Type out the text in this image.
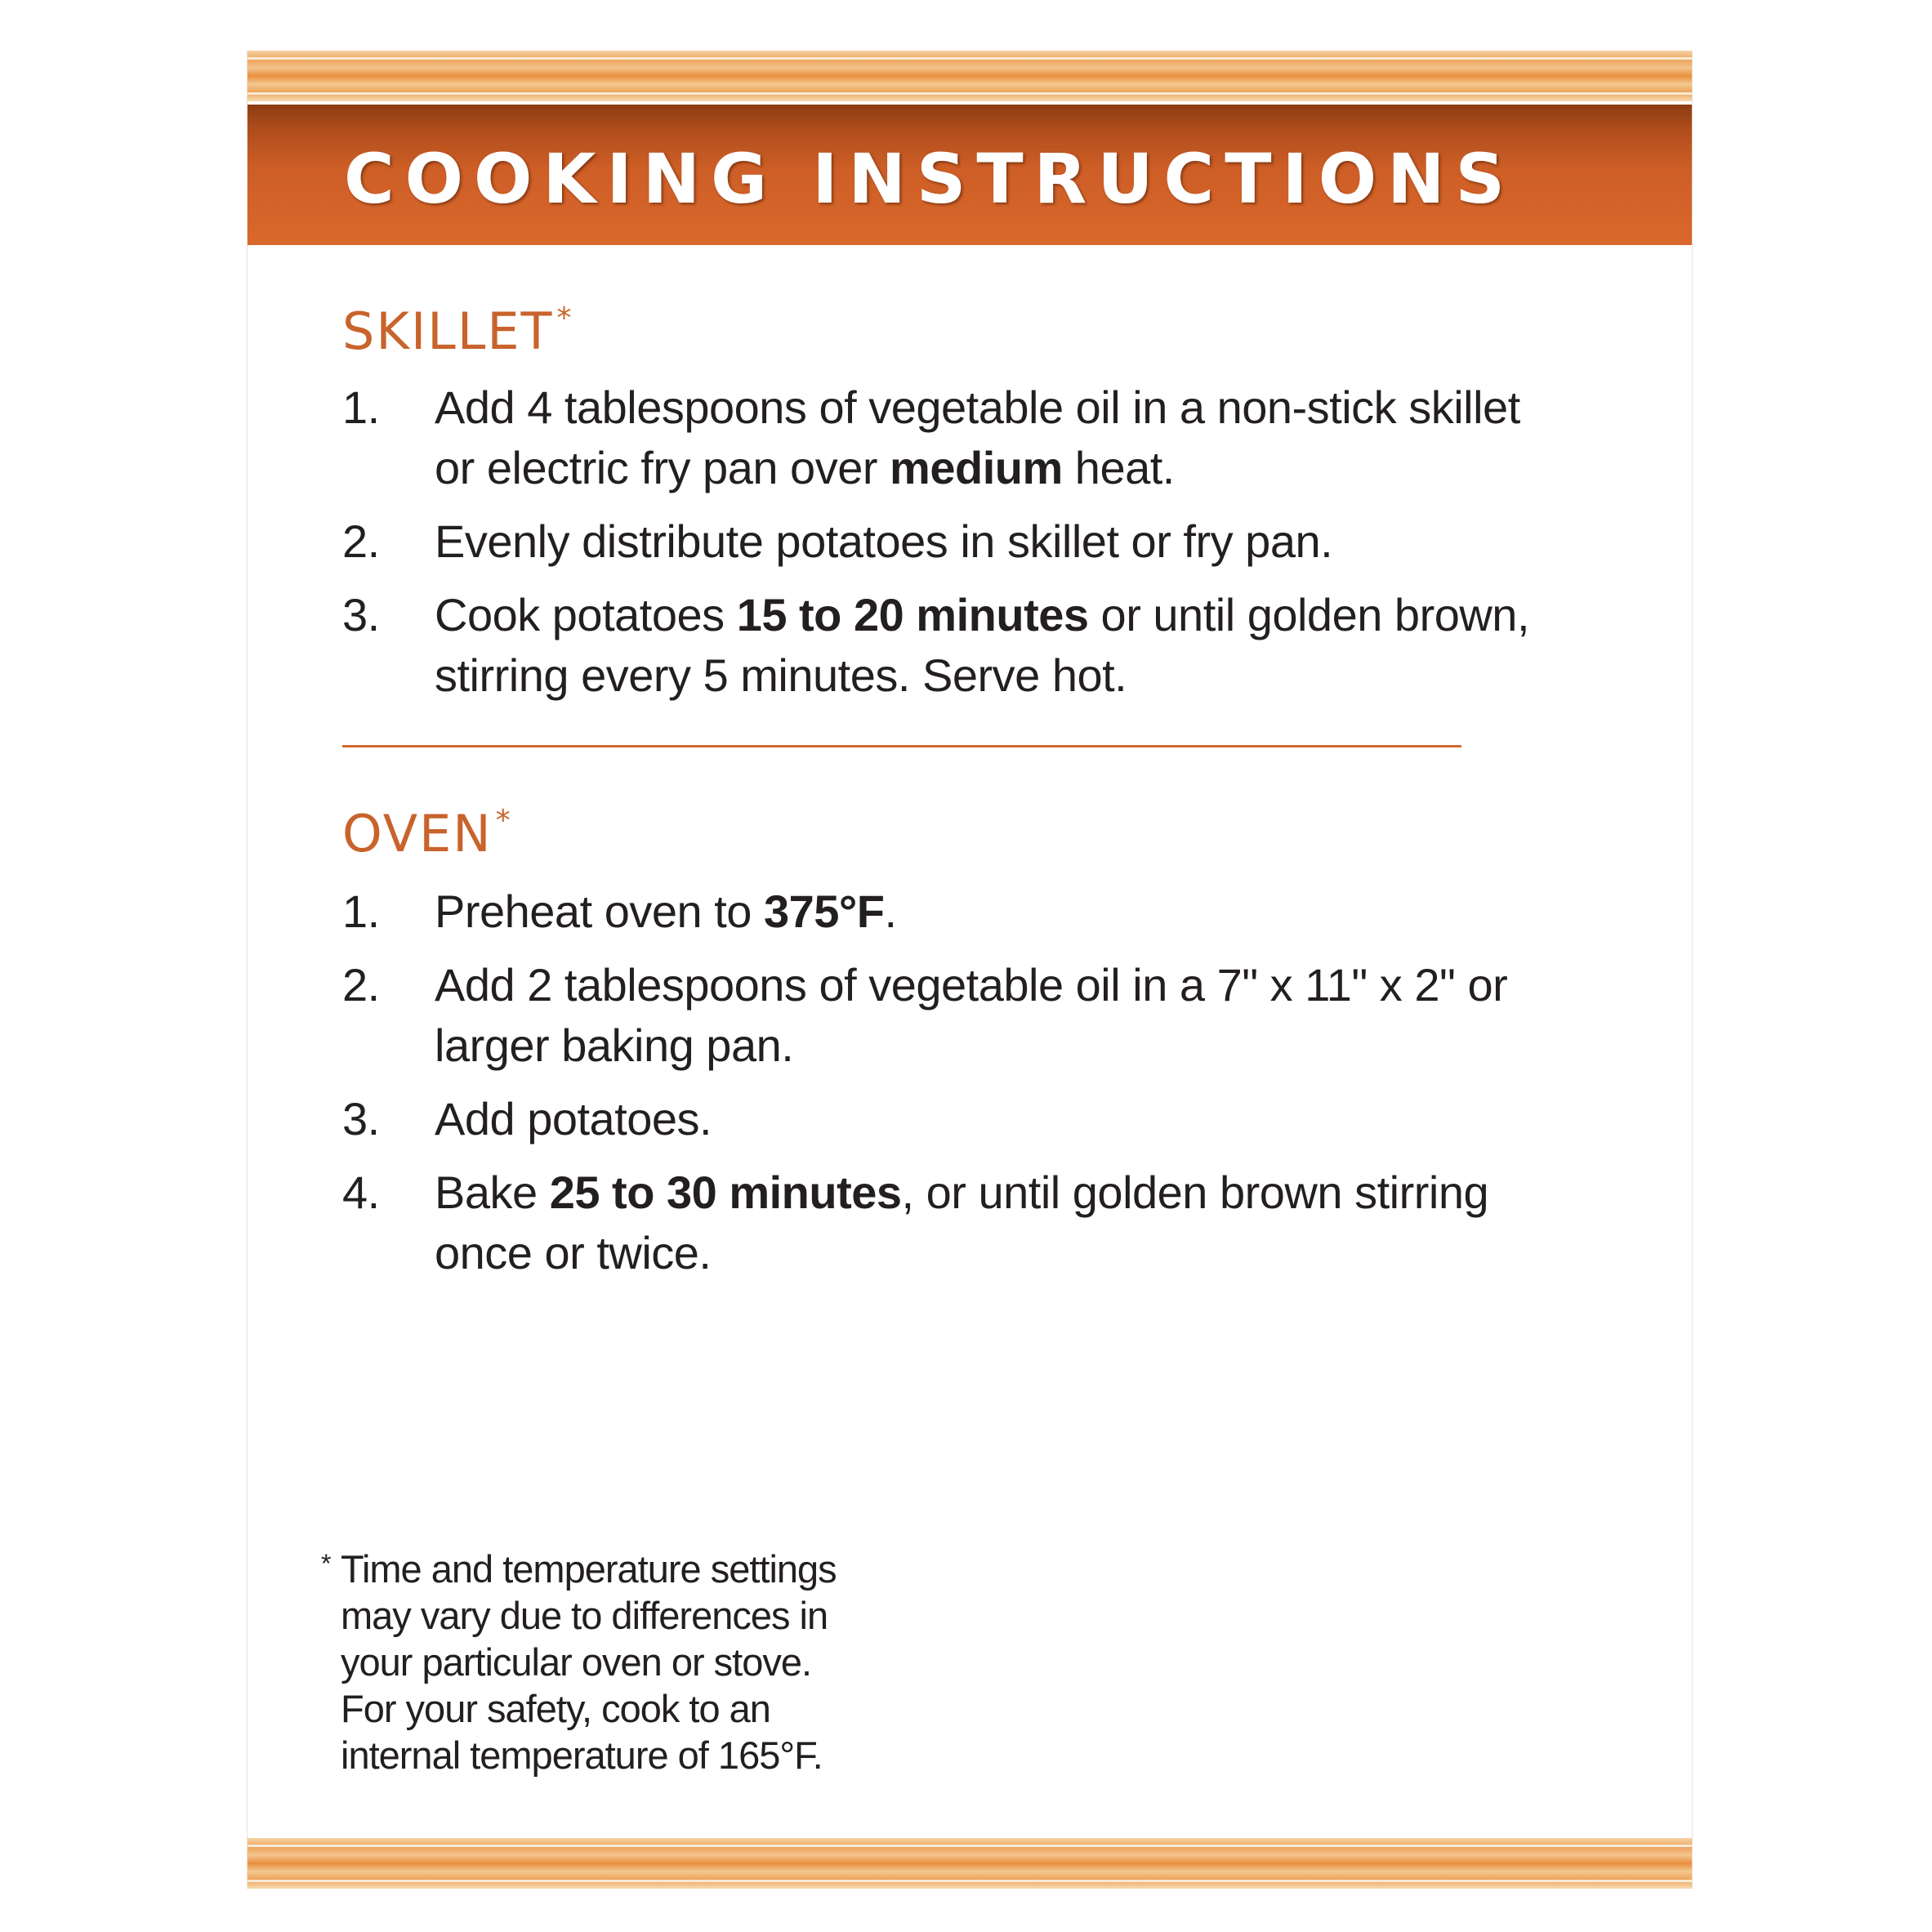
COOKING INSTRUCTIONS
SKILLET *
1. Add 4 tablespoons of vegetable oil in a non-stick skillet or electric fry pan over medium heat.
2. Evenly distribute potatoes in skillet or fry pan.
3. Cook potatoes 15 to 20 minutes or until golden brown, stirring every 5 minutes. Serve hot.
OVEN *
1. Preheat oven to 375°F.
2. Add 2 tablespoons of vegetable oil in a 7" x 11" x 2" or larger baking pan.
3. Add potatoes.
4. Bake 25 to 30 minutes, or until golden brown stirring once or twice.
* Time and temperature settings may vary due to differences in your particular oven or stove. For your safety, cook to an internal temperature of 165°F.
